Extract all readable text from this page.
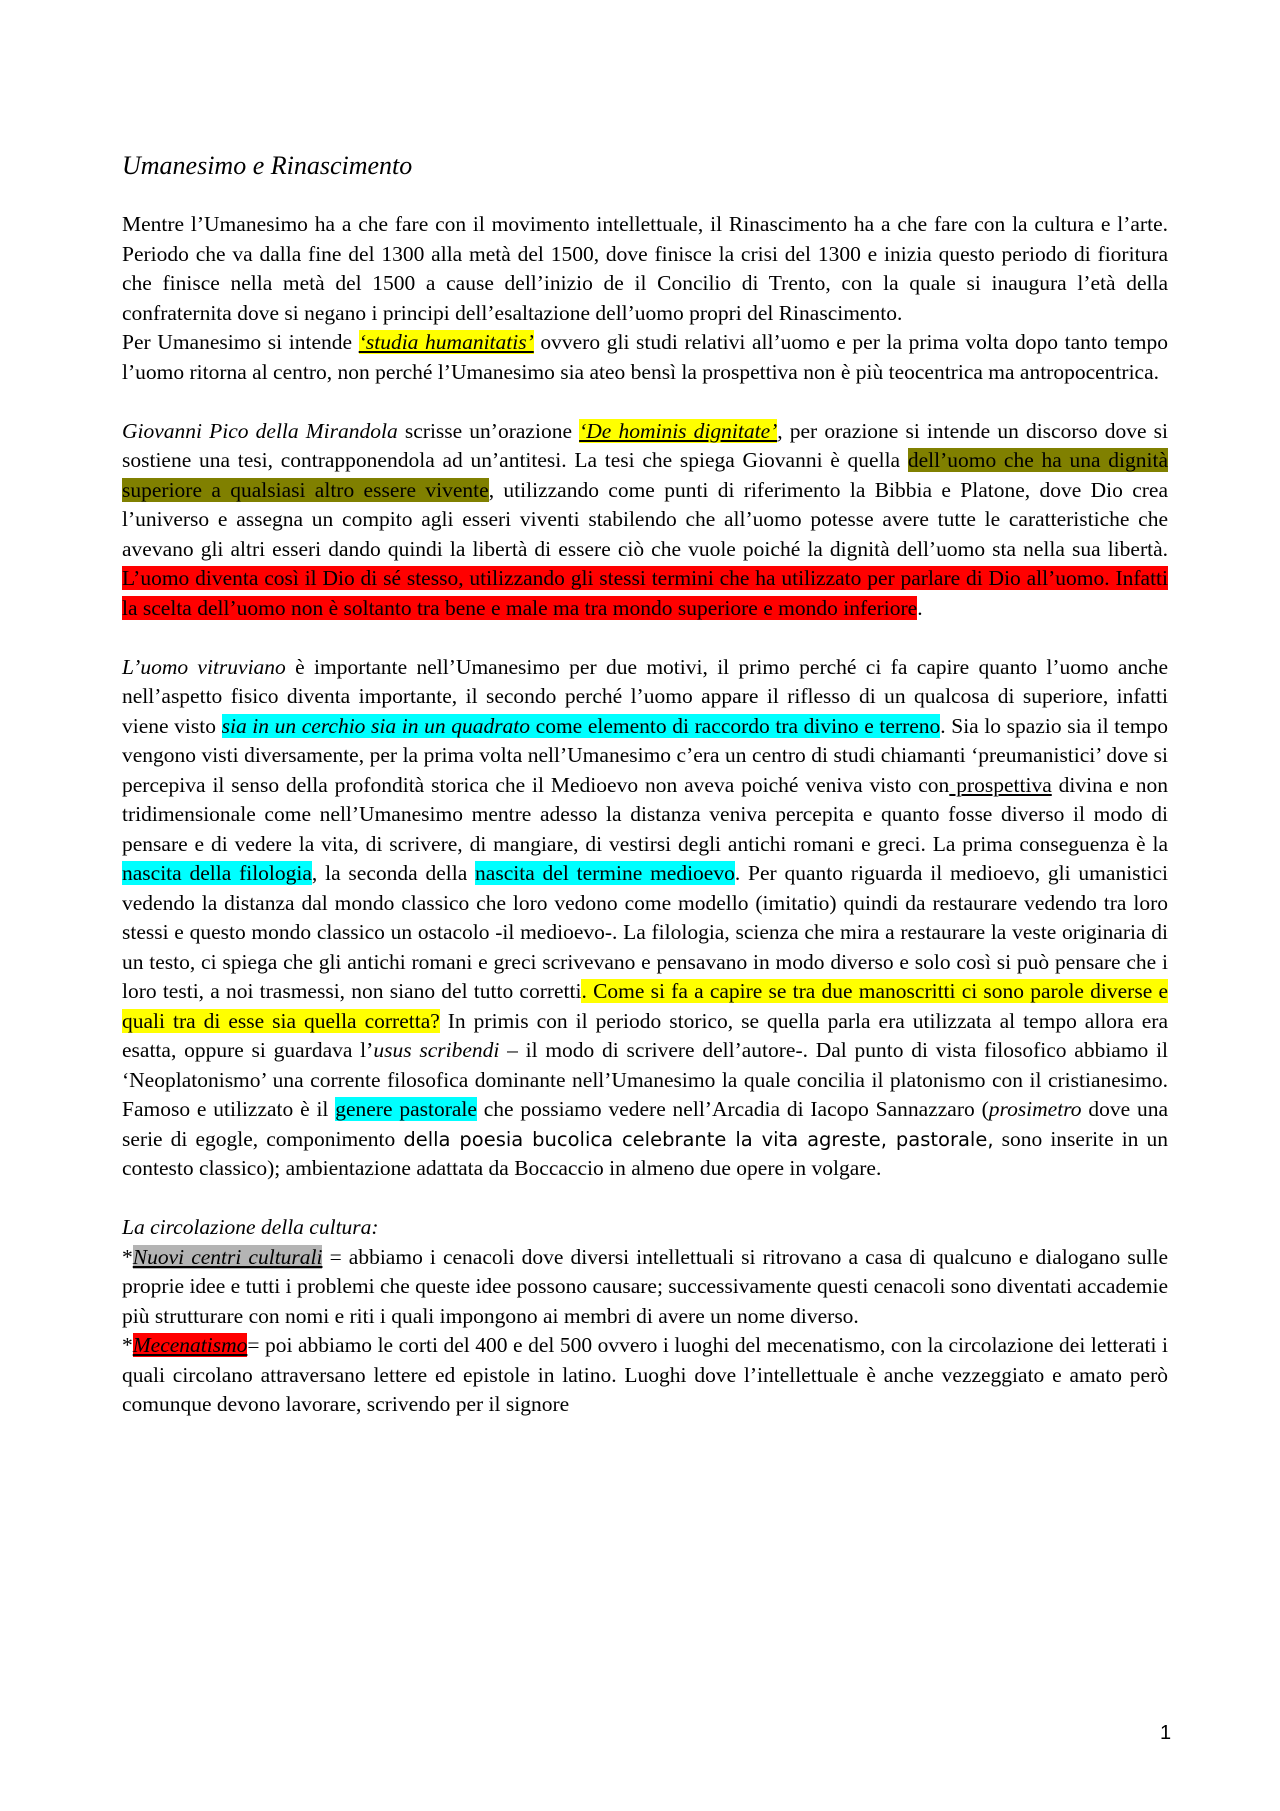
Umanesimo e Rinascimento

Mentre l’Umanesimo ha a che fare con il movimento intellettuale, il Rinascimento ha a che fare con la cultura e l’arte. Periodo che va dalla fine del 1300 alla metà del 1500, dove finisce la crisi del 1300 e inizia questo periodo di fioritura che finisce nella metà del 1500 a cause dell’inizio de il Concilio di Trento, con la quale si inaugura l’età della confraternita dove si negano i principi dell’esaltazione dell’uomo propri del Rinascimento.

Per Umanesimo si intende ‘studia humanitatis’ ovvero gli studi relativi all’uomo e per la prima volta dopo tanto tempo l’uomo ritorna al centro, non perché l’Umanesimo sia ateo bensì la prospettiva non è più teocentrica ma antropocentrica.

Giovanni Pico della Mirandola scrisse un’orazione ‘De hominis dignitate’, per orazione si intende un discorso dove si sostiene una tesi, contrapponendola ad un’antitesi. La tesi che spiega Giovanni è quella dell’uomo che ha una dignità superiore a qualsiasi altro essere vivente, utilizzando come punti di riferimento la Bibbia e Platone, dove Dio crea l’universo e assegna un compito agli esseri viventi stabilendo che all’uomo potesse avere tutte le caratteristiche che avevano gli altri esseri dando quindi la libertà di essere ciò che vuole poiché la dignità dell’uomo sta nella sua libertà. L’uomo diventa così il Dio di sé stesso, utilizzando gli stessi termini che ha utilizzato per parlare di Dio all’uomo. Infatti la scelta dell’uomo non è soltanto tra bene e male ma tra mondo superiore e mondo inferiore.

L’uomo vitruviano è importante nell’Umanesimo per due motivi, il primo perché ci fa capire quanto l’uomo anche nell’aspetto fisico diventa importante, il secondo perché l’uomo appare il riflesso di un qualcosa di superiore, infatti viene visto sia in un cerchio sia in un quadrato come elemento di raccordo tra divino e terreno. Sia lo spazio sia il tempo vengono visti diversamente, per la prima volta nell’Umanesimo c’era un centro di studi chiamanti ‘preumanistici’ dove si percepiva il senso della profondità storica che il Medioevo non aveva poiché veniva visto con prospettiva divina e non tridimensionale come nell’Umanesimo mentre adesso la distanza veniva percepita e quanto fosse diverso il modo di pensare e di vedere la vita, di scrivere, di mangiare, di vestirsi degli antichi romani e greci. La prima conseguenza è la nascita della filologia, la seconda della nascita del termine medioevo. Per quanto riguarda il medioevo, gli umanistici vedendo la distanza dal mondo classico che loro vedono come modello (imitatio) quindi da restaurare vedendo tra loro stessi e questo mondo classico un ostacolo -il medioevo-. La filologia, scienza che mira a restaurare la veste originaria di un testo, ci spiega che gli antichi romani e greci scrivevano e pensavano in modo diverso e solo così si può pensare che i loro testi, a noi trasmessi, non siano del tutto corretti. Come si fa a capire se tra due manoscritti ci sono parole diverse e quali tra di esse sia quella corretta? In primis con il periodo storico, se quella parla era utilizzata al tempo allora era esatta, oppure si guardava l’usus scribendi – il modo di scrivere dell’autore-. Dal punto di vista filosofico abbiamo il ‘Neoplatonismo’ una corrente filosofica dominante nell’Umanesimo la quale concilia il platonismo con il cristianesimo. Famoso e utilizzato è il genere pastorale che possiamo vedere nell’Arcadia di Iacopo Sannazzaro (prosimetro dove una serie di egogle, componimento della poesia bucolica celebrante la vita agreste, pastorale, sono inserite in un contesto classico); ambientazione adattata da Boccaccio in almeno due opere in volgare.

La circolazione della cultura:

*Nuovi centri culturali = abbiamo i cenacoli dove diversi intellettuali si ritrovano a casa di qualcuno e dialogano sulle proprie idee e tutti i problemi che queste idee possono causare; successivamente questi cenacoli sono diventati accademie più strutturare con nomi e riti i quali impongono ai membri di avere un nome diverso.

*Mecenatismo= poi abbiamo le corti del 400 e del 500 ovvero i luoghi del mecenatismo, con la circolazione dei letterati i quali circolano attraversano lettere ed epistole in latino. Luoghi dove l’intellettuale è anche vezzeggiato e amato però comunque devono lavorare, scrivendo per il signore

1
